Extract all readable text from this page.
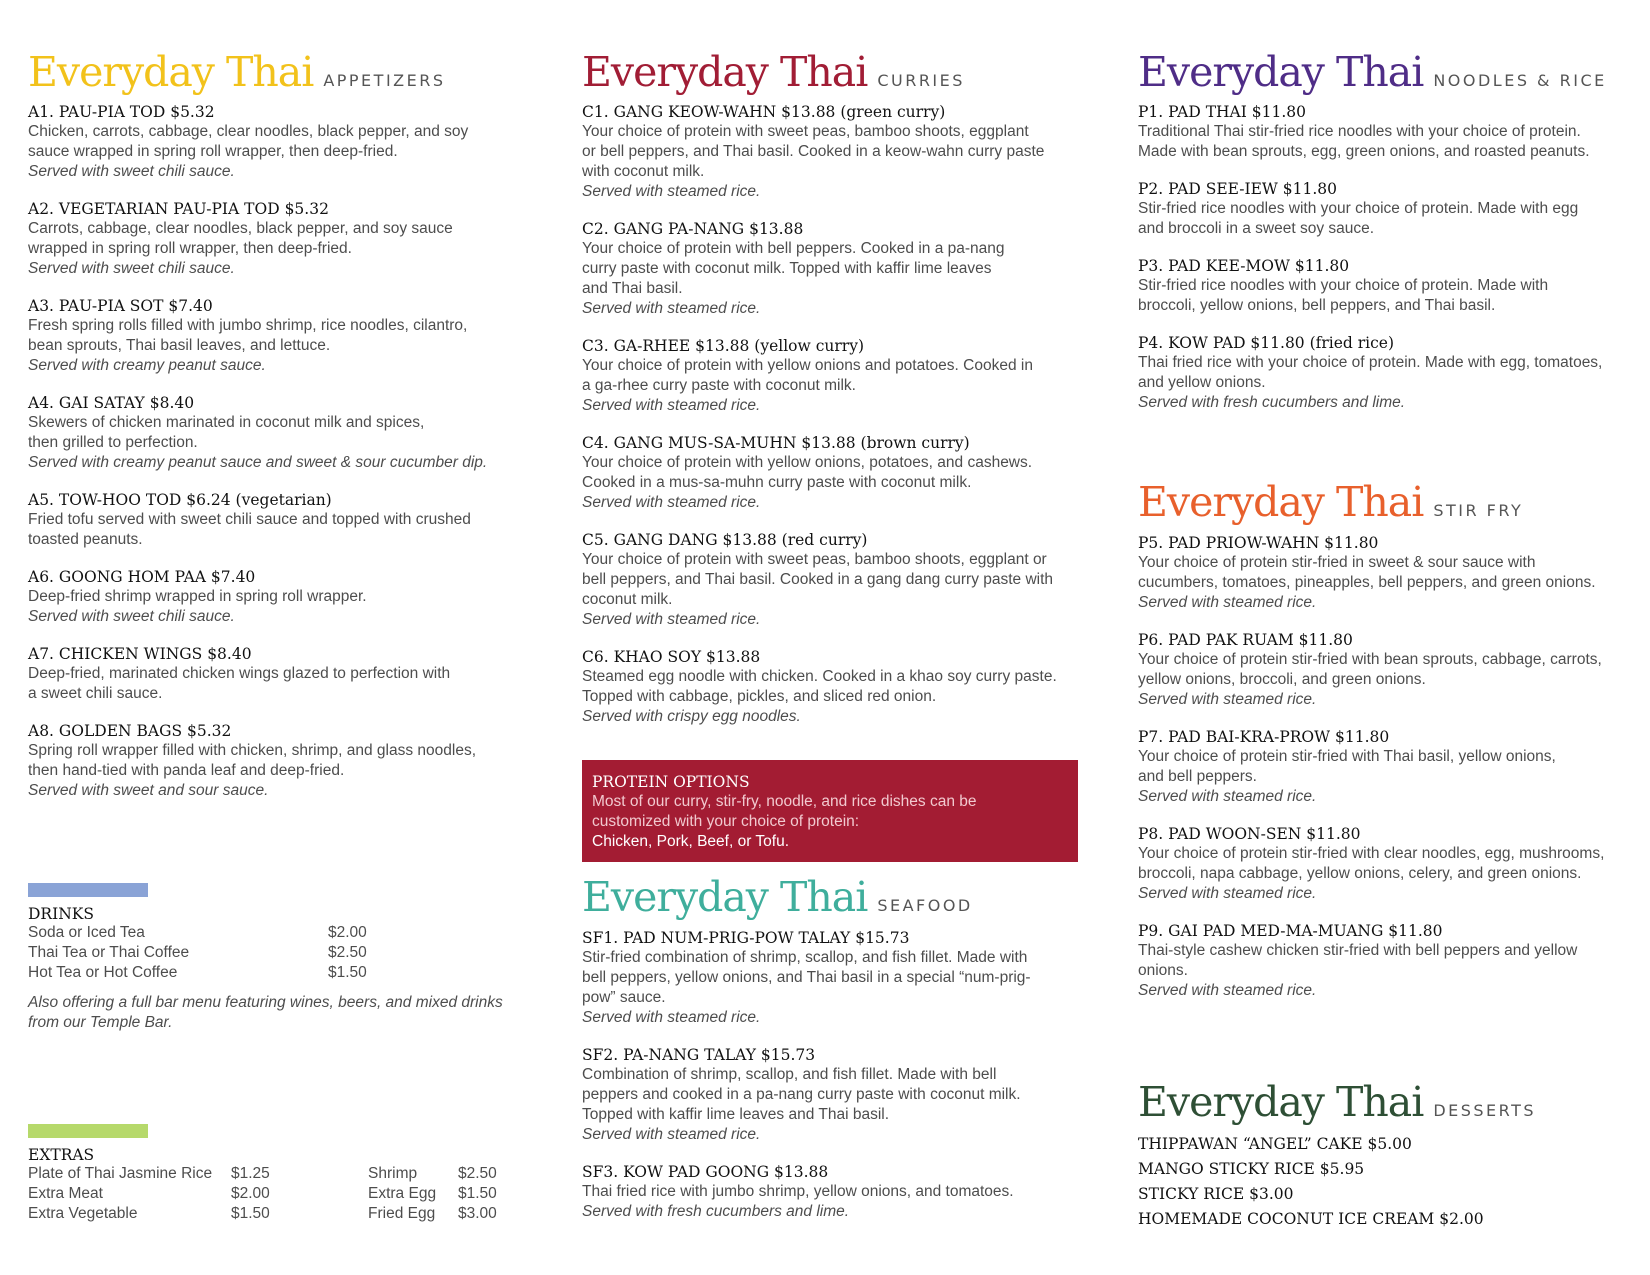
Everyday Thai APPETIZERS
A1. PAU-PIA TOD $5.32
Chicken, carrots, cabbage, clear noodles, black pepper, and soy
sauce wrapped in spring roll wrapper, then deep-fried.
Served with sweet chili sauce.
A2. VEGETARIAN PAU-PIA TOD $5.32
Carrots, cabbage, clear noodles, black pepper, and soy sauce
wrapped in spring roll wrapper, then deep-fried.
Served with sweet chili sauce.
A3. PAU-PIA SOT $7.40
Fresh spring rolls filled with jumbo shrimp, rice noodles, cilantro,
bean sprouts, Thai basil leaves, and lettuce.
Served with creamy peanut sauce.
A4. GAI SATAY $8.40
Skewers of chicken marinated in coconut milk and spices,
then grilled to perfection.
Served with creamy peanut sauce and sweet & sour cucumber dip.
A5. TOW-HOO TOD $6.24 (vegetarian)
Fried tofu served with sweet chili sauce and topped with crushed
toasted peanuts.
A6. GOONG HOM PAA $7.40
Deep-fried shrimp wrapped in spring roll wrapper.
Served with sweet chili sauce.
A7. CHICKEN WINGS $8.40
Deep-fried, marinated chicken wings glazed to perfection with
a sweet chili sauce.
A8. GOLDEN BAGS $5.32
Spring roll wrapper filled with chicken, shrimp, and glass noodles,
then hand-tied with panda leaf and deep-fried.
Served with sweet and sour sauce.
DRINKS
Soda or Iced Tea	$2.00
Thai Tea or Thai Coffee	$2.50
Hot Tea or Hot Coffee	$1.50
Also offering a full bar menu featuring wines, beers, and mixed drinks
from our Temple Bar.
EXTRAS
Plate of Thai Jasmine Rice	$1.25
Extra Meat	$2.00
Extra Vegetable	$1.50
Shrimp	$2.50
Extra Egg	$1.50
Fried Egg	$3.00
Everyday Thai CURRIES
C1. GANG KEOW-WAHN $13.88 (green curry)
Your choice of protein with sweet peas, bamboo shoots, eggplant
or bell peppers, and Thai basil. Cooked in a keow-wahn curry paste
with coconut milk.
Served with steamed rice.
C2. GANG PA-NANG $13.88
Your choice of protein with bell peppers. Cooked in a pa-nang
curry paste with coconut milk. Topped with kaffir lime leaves
and Thai basil.
Served with steamed rice.
C3. GA-RHEE $13.88 (yellow curry)
Your choice of protein with yellow onions and potatoes. Cooked in
a ga-rhee curry paste with coconut milk.
Served with steamed rice.
C4. GANG MUS-SA-MUHN $13.88 (brown curry)
Your choice of protein with yellow onions, potatoes, and cashews.
Cooked in a mus-sa-muhn curry paste with coconut milk.
Served with steamed rice.
C5. GANG DANG $13.88 (red curry)
Your choice of protein with sweet peas, bamboo shoots, eggplant or
bell peppers, and Thai basil. Cooked in a gang dang curry paste with
coconut milk.
Served with steamed rice.
C6. KHAO SOY $13.88
Steamed egg noodle with chicken. Cooked in a khao soy curry paste.
Topped with cabbage, pickles, and sliced red onion.
Served with crispy egg noodles.
PROTEIN OPTIONS
Most of our curry, stir-fry, noodle, and rice dishes can be
customized with your choice of protein:
Chicken, Pork, Beef, or Tofu.
Everyday Thai SEAFOOD
SF1. PAD NUM-PRIG-POW TALAY $15.73
Stir-fried combination of shrimp, scallop, and fish fillet. Made with
bell peppers, yellow onions, and Thai basil in a special “num-prig-
pow” sauce.
Served with steamed rice.
SF2. PA-NANG TALAY $15.73
Combination of shrimp, scallop, and fish fillet. Made with bell
peppers and cooked in a pa-nang curry paste with coconut milk.
Topped with kaffir lime leaves and Thai basil.
Served with steamed rice.
SF3. KOW PAD GOONG $13.88
Thai fried rice with jumbo shrimp, yellow onions, and tomatoes.
Served with fresh cucumbers and lime.
Everyday Thai NOODLES & RICE
P1. PAD THAI $11.80
Traditional Thai stir-fried rice noodles with your choice of protein.
Made with bean sprouts, egg, green onions, and roasted peanuts.
P2. PAD SEE-IEW $11.80
Stir-fried rice noodles with your choice of protein. Made with egg
and broccoli in a sweet soy sauce.
P3. PAD KEE-MOW $11.80
Stir-fried rice noodles with your choice of protein. Made with
broccoli, yellow onions, bell peppers, and Thai basil.
P4. KOW PAD $11.80 (fried rice)
Thai fried rice with your choice of protein. Made with egg, tomatoes,
and yellow onions.
Served with fresh cucumbers and lime.
Everyday Thai STIR FRY
P5. PAD PRIOW-WAHN $11.80
Your choice of protein stir-fried in sweet & sour sauce with
cucumbers, tomatoes, pineapples, bell peppers, and green onions.
Served with steamed rice.
P6. PAD PAK RUAM $11.80
Your choice of protein stir-fried with bean sprouts, cabbage, carrots,
yellow onions, broccoli, and green onions.
Served with steamed rice.
P7. PAD BAI-KRA-PROW $11.80
Your choice of protein stir-fried with Thai basil, yellow onions,
and bell peppers.
Served with steamed rice.
P8. PAD WOON-SEN $11.80
Your choice of protein stir-fried with clear noodles, egg, mushrooms,
broccoli, napa cabbage, yellow onions, celery, and green onions.
Served with steamed rice.
P9. GAI PAD MED-MA-MUANG $11.80
Thai-style cashew chicken stir-fried with bell peppers and yellow
onions.
Served with steamed rice.
Everyday Thai DESSERTS
THIPPAWAN “ANGEL” CAKE $5.00
MANGO STICKY RICE $5.95
STICKY RICE $3.00
HOMEMADE COCONUT ICE CREAM $2.00
